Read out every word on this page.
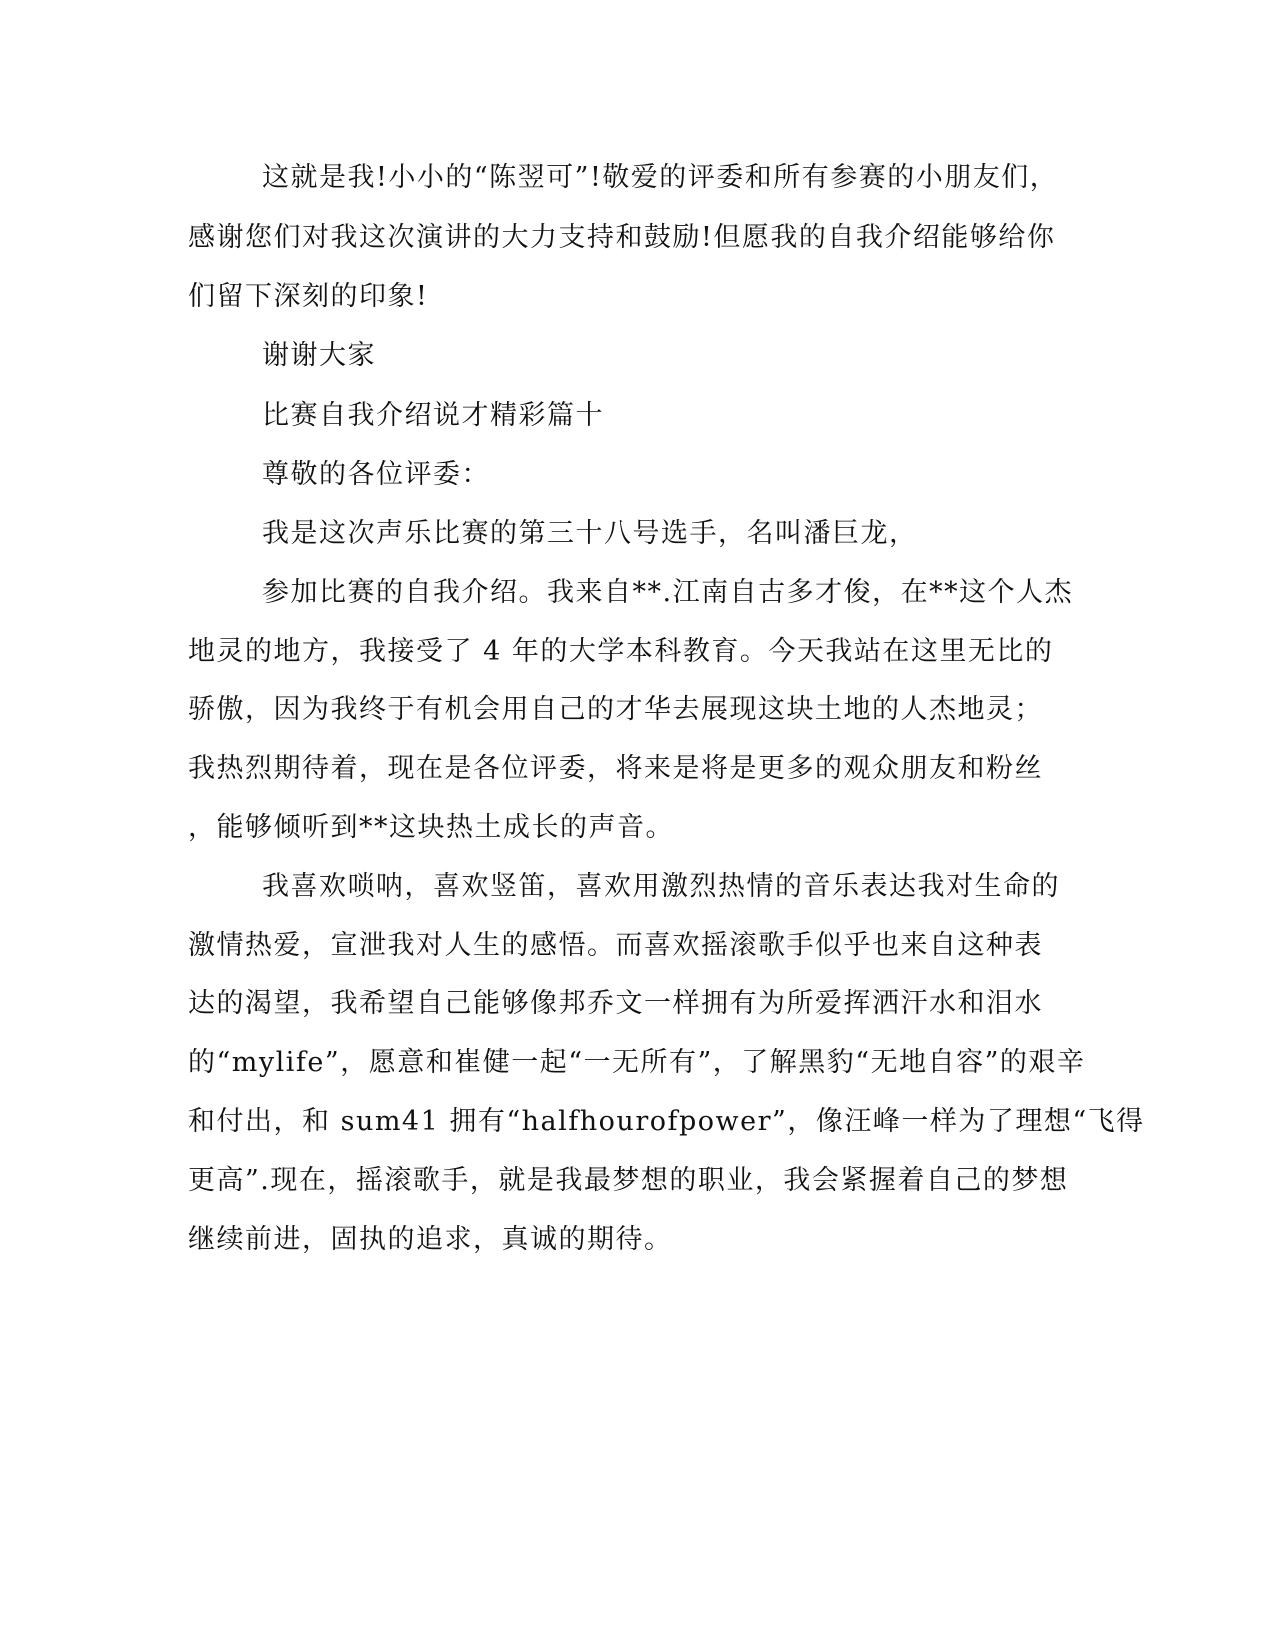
这就是我!小小的“陈翌可”!敬爱的评委和所有参赛的小朋友们，
感谢您们对我这次演讲的大力支持和鼓励!但愿我的自我介绍能够给你
们留下深刻的印象!
谢谢大家
比赛自我介绍说才精彩篇十
尊敬的各位评委：
我是这次声乐比赛的第三十八号选手，名叫潘巨龙，
参加比赛的自我介绍。我来自**.江南自古多才俊，在**这个人杰
地灵的地方，我接受了 4 年的大学本科教育。今天我站在这里无比的
骄傲，因为我终于有机会用自己的才华去展现这块土地的人杰地灵；
我热烈期待着，现在是各位评委，将来是将是更多的观众朋友和粉丝
，能够倾听到**这块热土成长的声音。
我喜欢唢呐，喜欢竖笛，喜欢用激烈热情的音乐表达我对生命的
激情热爱，宣泄我对人生的感悟。而喜欢摇滚歌手似乎也来自这种表
达的渴望，我希望自己能够像邦乔文一样拥有为所爱挥洒汗水和泪水
的“mylife”，愿意和崔健一起“一无所有”，了解黑豹“无地自容”的艰辛
和付出，和 sum41 拥有“halfhourofpower”，像汪峰一样为了理想“飞得
更高”.现在，摇滚歌手，就是我最梦想的职业，我会紧握着自己的梦想
继续前进，固执的追求，真诚的期待。
